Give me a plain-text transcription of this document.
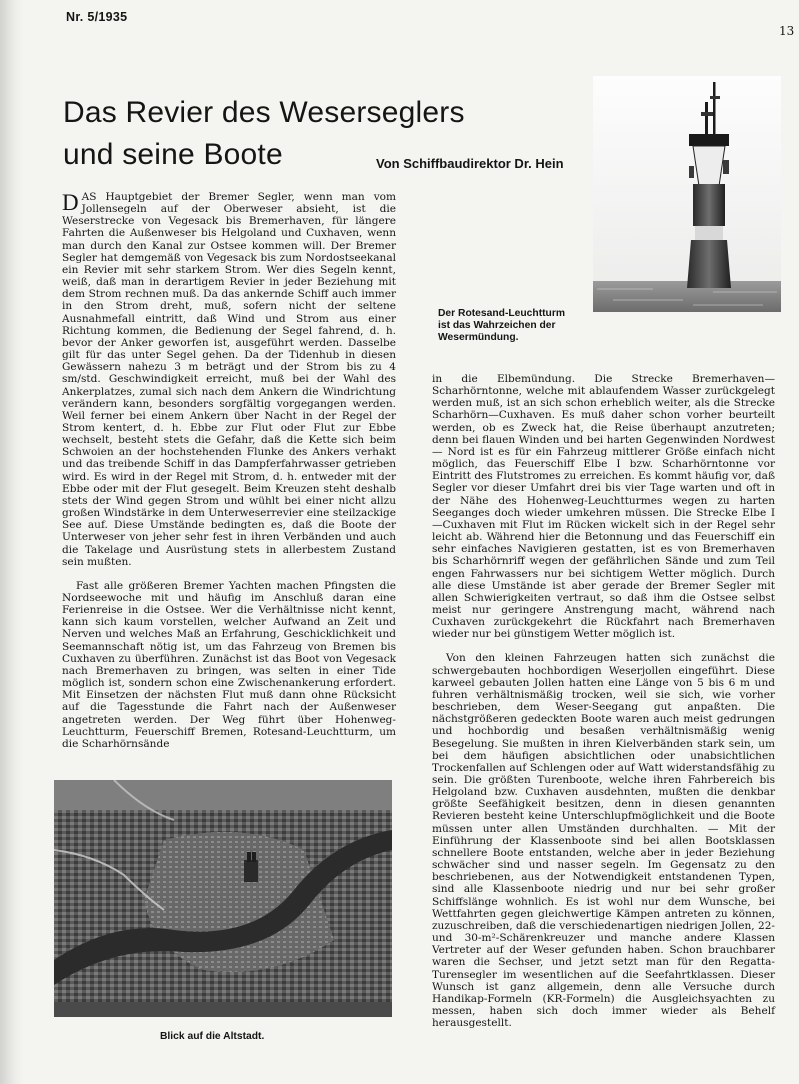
Nr. 5/1935
13
Das Revier des Weserseglers
und seine Boote	Von Schiffbaudirektor Dr. Hein
Der Rotesand-Leuchtturm
ist das Wahrzeichen der
Wesermündung.

DAS Hauptgebiet der Bremer Segler, wenn man vom Jollensegeln auf der Oberweser absieht, ist die Weserstrecke von Vegesack bis Bremerhaven, für längere Fahrten die Außenweser bis Helgoland und Cuxhaven, wenn man durch den Kanal zur Ostsee kommen will. Der Bremer Segler hat demgemäß von Vegesack bis zum Nordostseekanal ein Revier mit sehr starkem Strom. Wer dies Segeln kennt, weiß, daß man in derartigem Revier in jeder Beziehung mit dem Strom rechnen muß. Da das ankernde Schiff auch immer in den Strom dreht, muß, sofern nicht der seltene Ausnahmefall eintritt, daß Wind und Strom aus einer Richtung kommen, die Bedienung der Segel fahrend, d. h. bevor der Anker geworfen ist, ausgeführt werden. Dasselbe gilt für das unter Segel gehen. Da der Tidenhub in diesen Gewässern nahezu 3 m beträgt und der Strom bis zu 4 sm/std. Geschwindigkeit erreicht, muß bei der Wahl des Ankerplatzes, zumal sich nach dem Ankern die Windrichtung verändern kann, besonders sorgfältig vorgegangen werden. Weil ferner bei einem Ankern über Nacht in der Regel der Strom kentert, d. h. Ebbe zur Flut oder Flut zur Ebbe wechselt, besteht stets die Gefahr, daß die Kette sich beim Schwoien an der hochstehenden Flunke des Ankers verhakt und das treibende Schiff in das Dampferfahrwasser getrieben wird. Es wird in der Regel mit Strom, d. h. entweder mit der Ebbe oder mit der Flut gesegelt. Beim Kreuzen steht deshalb stets der Wind gegen Strom und wühlt bei einer nicht allzu großen Windstärke in dem Unterweserrevier eine steilzackige See auf. Diese Umstände bedingten es, daß die Boote der Unterweser von jeher sehr fest in ihren Verbänden und auch die Takelage und Ausrüstung stets in allerbestem Zustand sein mußten.

Fast alle größeren Bremer Yachten machen Pfingsten die Nordseewoche mit und häufig im Anschluß daran eine Ferienreise in die Ostsee. Wer die Verhältnisse nicht kennt, kann sich kaum vorstellen, welcher Aufwand an Zeit und Nerven und welches Maß an Erfahrung, Geschicklichkeit und Seemannschaft nötig ist, um das Fahrzeug von Bremen bis Cuxhaven zu überführen. Zunächst ist das Boot von Vegesack nach Bremerhaven zu bringen, was selten in einer Tide möglich ist, sondern schon eine Zwischenankerung erfordert. Mit Einsetzen der nächsten Flut muß dann ohne Rücksicht auf die Tagesstunde die Fahrt nach der Außenweser angetreten werden. Der Weg führt über Hohenweg-Leuchtturm, Feuerschiff Bremen, Rotesand-Leuchtturm, um die Scharhörnsände

Blick auf die Altstadt.

in die Elbemündung. Die Strecke Bremerhaven—Scharhörntonne, welche mit ablaufendem Wasser zurückgelegt werden muß, ist an sich schon erheblich weiter, als die Strecke Scharhörn—Cuxhaven. Es muß daher schon vorher beurteilt werden, ob es Zweck hat, die Reise überhaupt anzutreten; denn bei flauen Winden und bei harten Gegenwinden Nordwest — Nord ist es für ein Fahrzeug mittlerer Größe einfach nicht möglich, das Feuerschiff Elbe I bzw. Scharhörntonne vor Eintritt des Flutstromes zu erreichen. Es kommt häufig vor, daß Segler vor dieser Umfahrt drei bis vier Tage warten und oft in der Nähe des Hohenweg-Leuchtturmes wegen zu harten Seeganges doch wieder umkehren müssen. Die Strecke Elbe I—Cuxhaven mit Flut im Rücken wickelt sich in der Regel sehr leicht ab. Während hier die Betonnung und das Feuerschiff ein sehr einfaches Navigieren gestatten, ist es von Bremerhaven bis Scharhörnriff wegen der gefährlichen Sände und zum Teil engen Fahrwassers nur bei sichtigem Wetter möglich. Durch alle diese Umstände ist aber gerade der Bremer Segler mit allen Schwierigkeiten vertraut, so daß ihm die Ostsee selbst meist nur geringere Anstrengung macht, während nach Cuxhaven zurückgekehrt die Rückfahrt nach Bremerhaven wieder nur bei günstigem Wetter möglich ist.

Von den kleinen Fahrzeugen hatten sich zunächst die schwergebauten hochbordigen Weserjollen eingeführt. Diese karweel gebauten Jollen hatten eine Länge von 5 bis 6 m und fuhren verhältnismäßig trocken, weil sie sich, wie vorher beschrieben, dem Weser-Seegang gut anpaßten. Die nächstgrößeren gedeckten Boote waren auch meist gedrungen und hochbordig und besaßen verhältnismäßig wenig Besegelung. Sie mußten in ihren Kielverbänden stark sein, um bei dem häufigen absichtlichen oder unabsichtlichen Trockenfallen auf Schlengen oder auf Watt widerstandsfähig zu sein. Die größten Turenboote, welche ihren Fahrbereich bis Helgoland bzw. Cuxhaven ausdehnten, mußten die denkbar größte Seefähigkeit besitzen, denn in diesen genannten Revieren besteht keine Unterschlupfmöglichkeit und die Boote müssen unter allen Umständen durchhalten. — Mit der Einführung der Klassenboote sind bei allen Bootsklassen schnellere Boote entstanden, welche aber in jeder Beziehung schwächer sind und nasser segeln. Im Gegensatz zu den beschriebenen, aus der Notwendigkeit entstandenen Typen, sind alle Klassenboote niedrig und nur bei sehr großer Schiffslänge wohnlich. Es ist wohl nur dem Wunsche, bei Wettfahrten gegen gleichwertige Kämpen antreten zu können, zuzuschreiben, daß die verschiedenartigen niedrigen Jollen, 22- und 30-m²-Schärenkreuzer und manche andere Klassen Vertreter auf der Weser gefunden haben. Schon brauchbarer waren die Sechser, und jetzt setzt man für den Regatta-Turensegler im wesentlichen auf die Seefahrtklassen. Dieser Wunsch ist ganz allgemein, denn alle Versuche durch Handikap-Formeln (KR-Formeln) die Ausgleichsyachten zu messen, haben sich doch immer wieder als Behelf herausgestellt.
